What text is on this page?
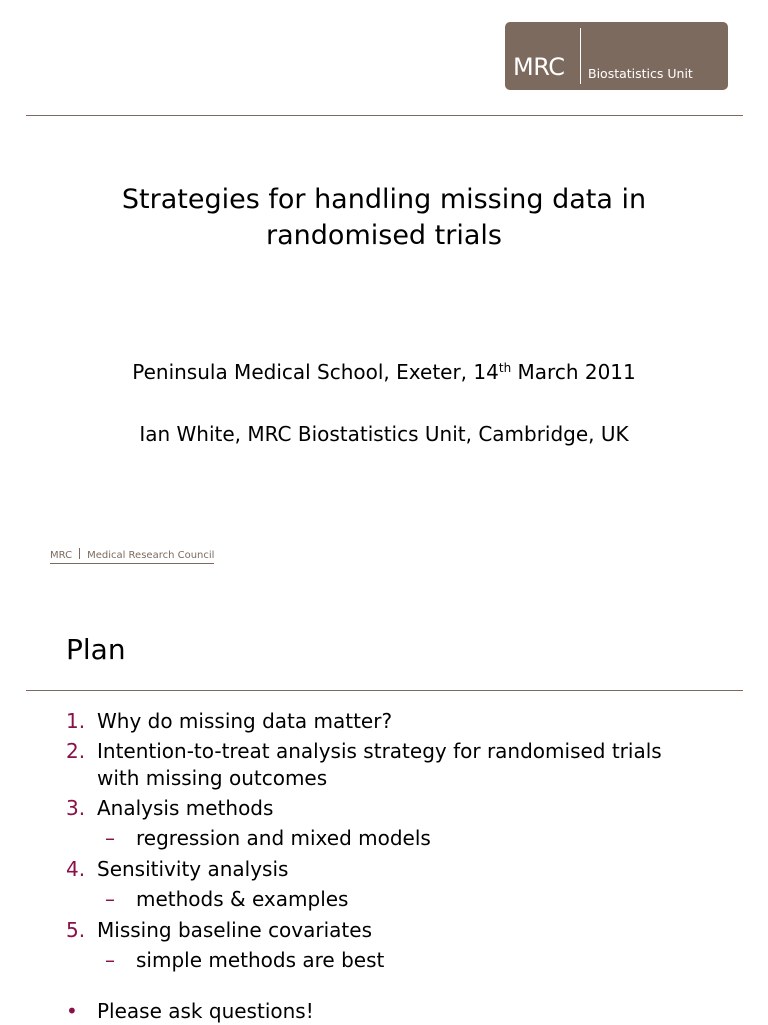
MRC Biostatistics Unit
Strategies for handling missing data in randomised trials
Peninsula Medical School, Exeter, 14th March 2011
Ian White, MRC Biostatistics Unit, Cambridge, UK
MRC Medical Research Council
Plan
1. Why do missing data matter?
2. Intention-to-treat analysis strategy for randomised trials with missing outcomes
3. Analysis methods
–	regression and mixed models
4. Sensitivity analysis
–	methods & examples
5. Missing baseline covariates
–	simple methods are best
• Please ask questions!
